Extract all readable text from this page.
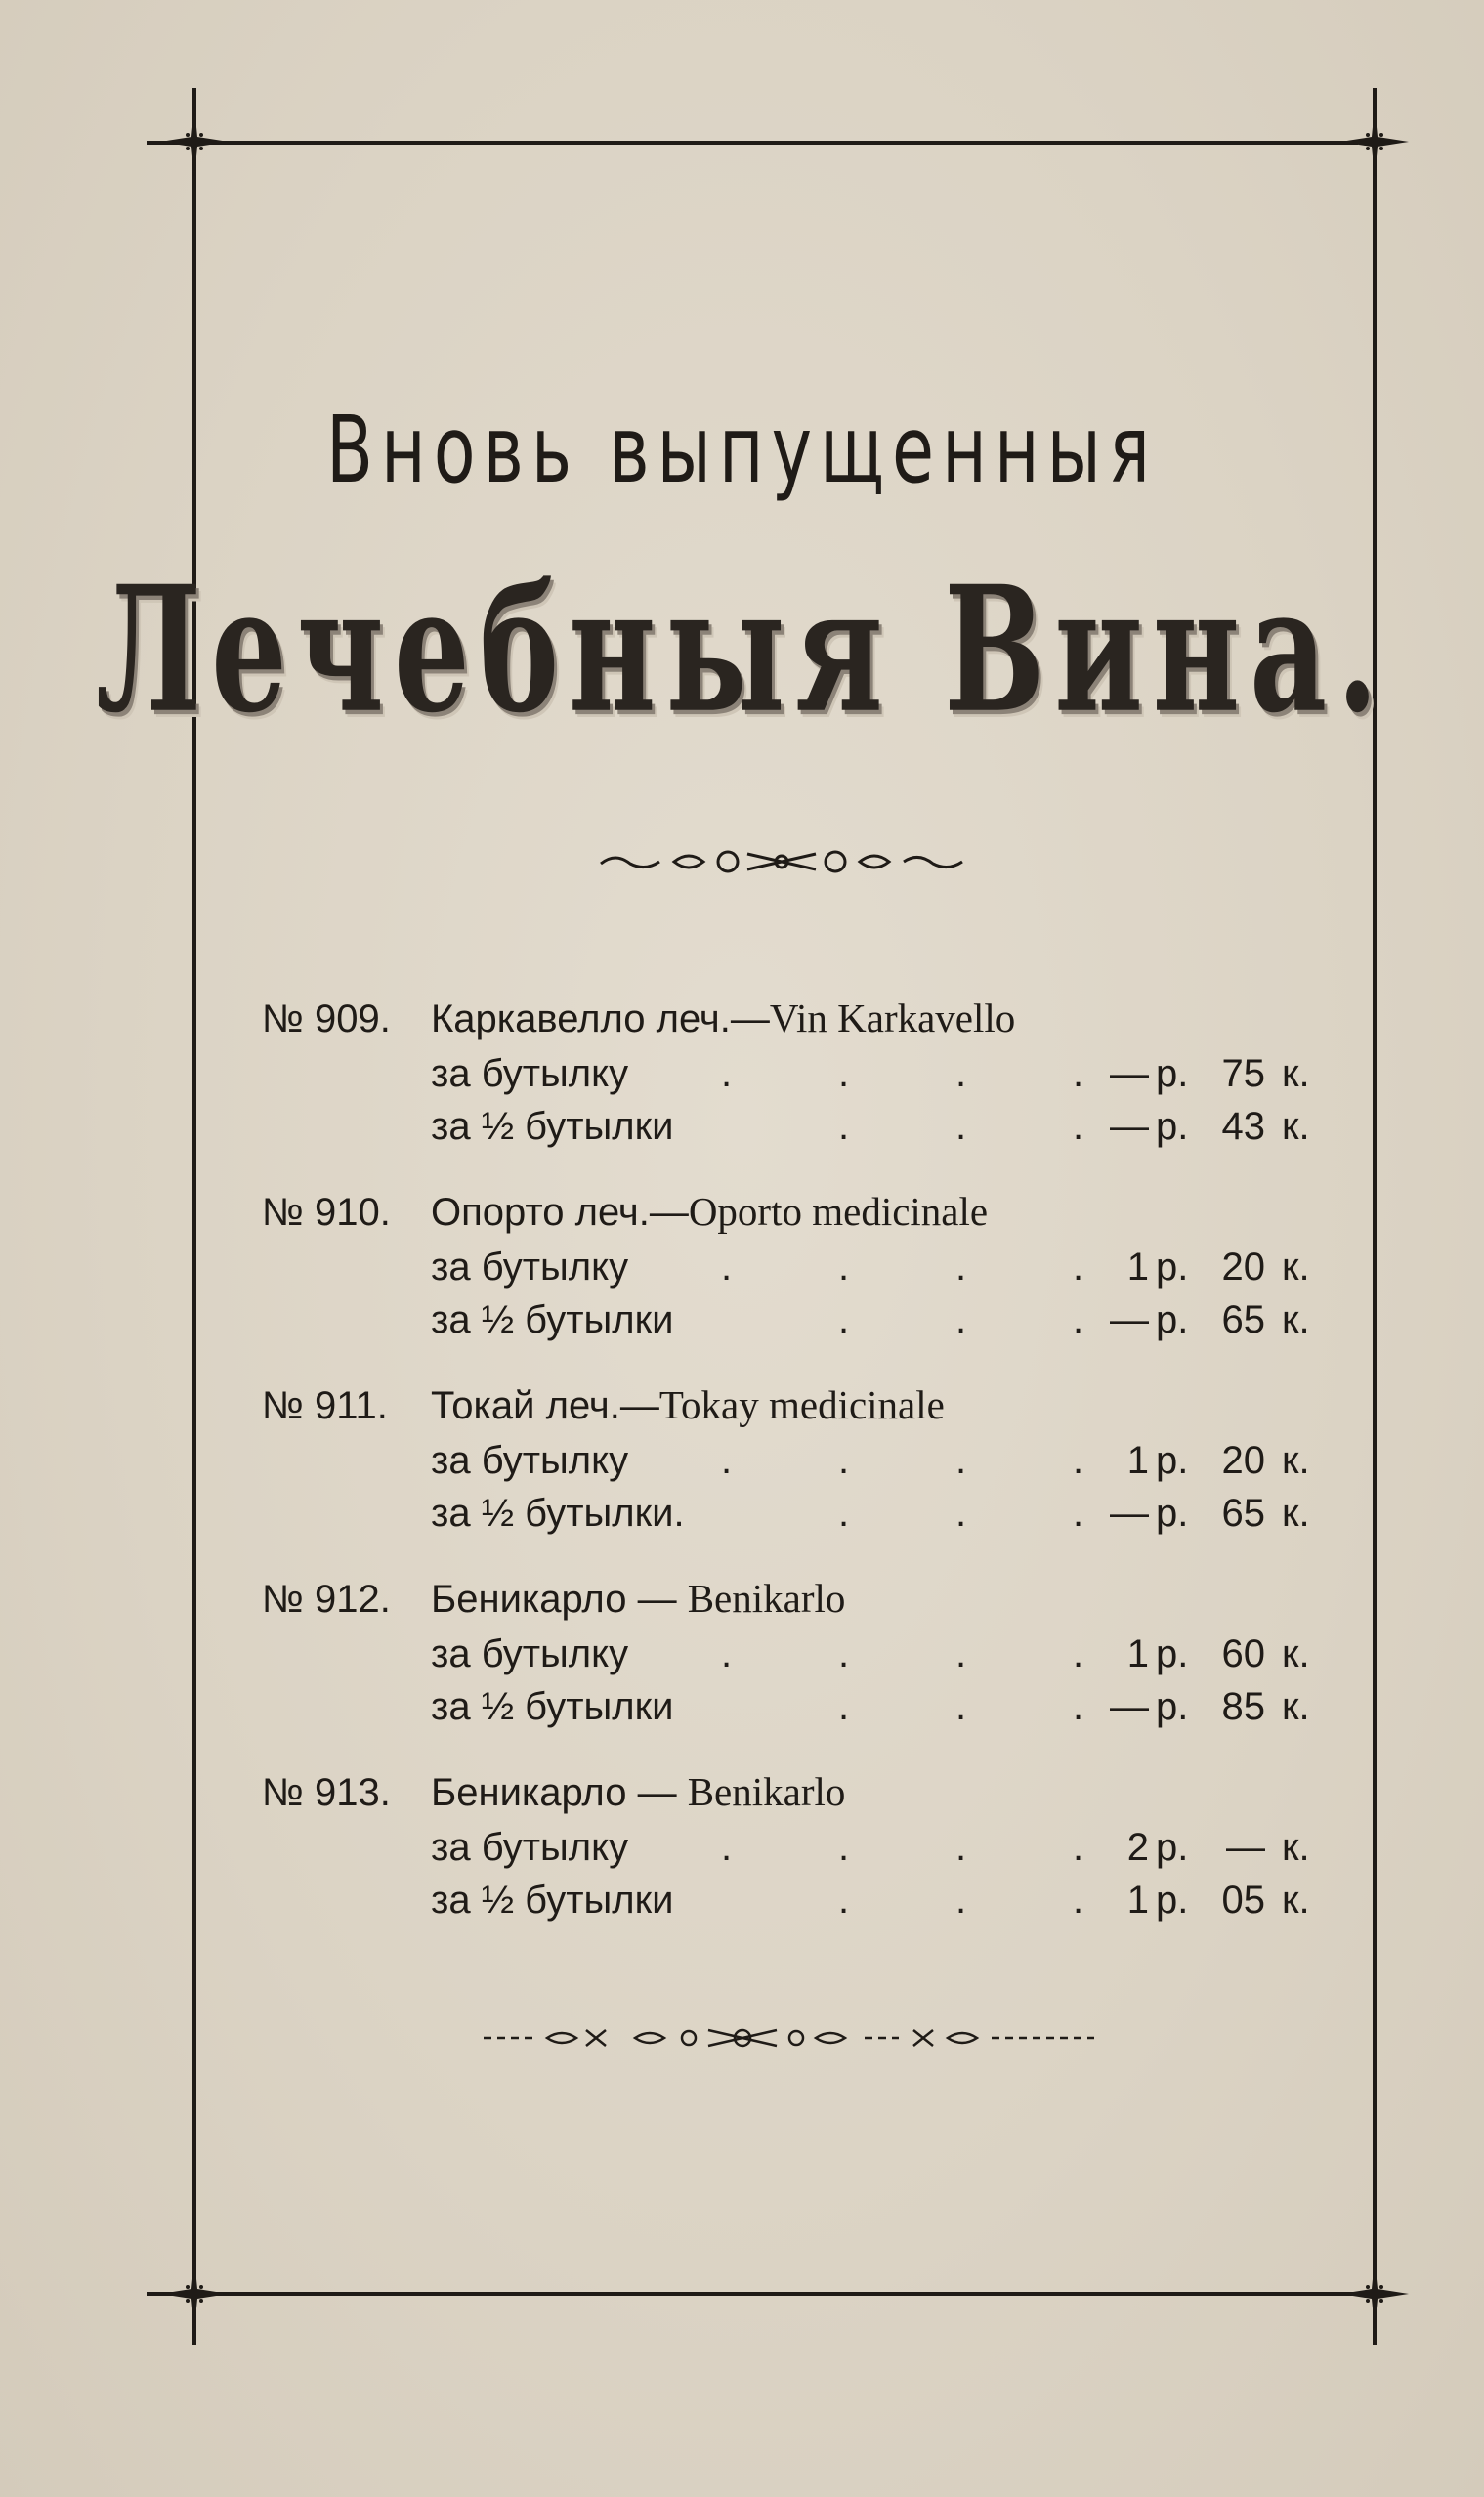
Вновь выпущенныя
Лечебныя Вина.
№ 909. Каркавелло леч.—Vin Karkavello
за бутылку .	.	.	. — р. 75 к.
за ½ бутылки	.	.	. — р. 43 к.
№ 910. Опорто леч.—Oporto medicinale
за бутылку .	.	.	.	1 р. 20 к.
за ½ бутылки	.	.	. — р. 65 к.
№ 911. Токай леч.—Tokay medicinale
за бутылку .	.	.	.	1 р. 20 к.
за ½ бутылки.	.	.	. — р. 65 к.
№ 912. Беникарло — Benikarlo
за бутылку .	.	.	.	1 р. 60 к.
за ½ бутылки	.	.	. — р. 85 к.
№ 913. Беникарло — Benikarlo
за бутылку .	.	.	.	2 р. — к.
за ½ бутылки	.	.	.	1 р. 05 к.
